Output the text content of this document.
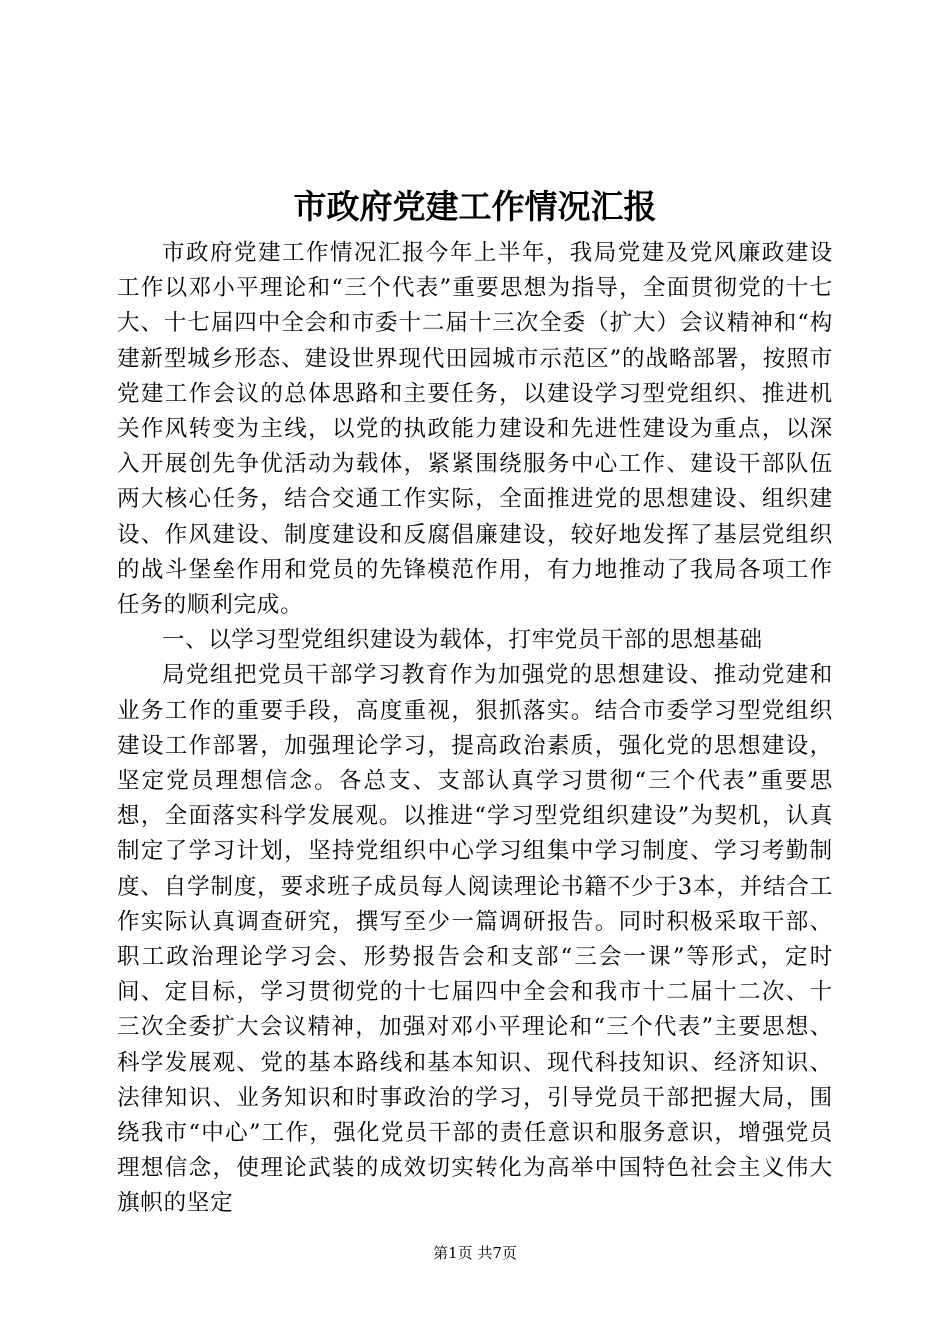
市政府党建工作情况汇报

市政府党建工作情况汇报今年上半年，我局党建及党风廉政建设工作以邓小平理论和“三个代表”重要思想为指导，全面贯彻党的十七大、十七届四中全会和市委十二届十三次全委（扩大）会议精神和“构建新型城乡形态、建设世界现代田园城市示范区”的战略部署，按照市党建工作会议的总体思路和主要任务，以建设学习型党组织、推进机关作风转变为主线，以党的执政能力建设和先进性建设为重点，以深入开展创先争优活动为载体，紧紧围绕服务中心工作、建设干部队伍两大核心任务，结合交通工作实际，全面推进党的思想建设、组织建设、作风建设、制度建设和反腐倡廉建设，较好地发挥了基层党组织的战斗堡垒作用和党员的先锋模范作用，有力地推动了我局各项工作任务的顺利完成。

一、以学习型党组织建设为载体，打牢党员干部的思想基础

局党组把党员干部学习教育作为加强党的思想建设、推动党建和业务工作的重要手段，高度重视，狠抓落实。结合市委学习型党组织建设工作部署，加强理论学习，提高政治素质，强化党的思想建设，坚定党员理想信念。各总支、支部认真学习贯彻“三个代表”重要思想，全面落实科学发展观。以推进“学习型党组织建设”为契机，认真制定了学习计划，坚持党组织中心学习组集中学习制度、学习考勤制度、自学制度，要求班子成员每人阅读理论书籍不少于3本，并结合工作实际认真调查研究，撰写至少一篇调研报告。同时积极采取干部、职工政治理论学习会、形势报告会和支部“三会一课”等形式，定时间、定目标，学习贯彻党的十七届四中全会和我市十二届十二次、十三次全委扩大会议精神，加强对邓小平理论和“三个代表”主要思想、科学发展观、党的基本路线和基本知识、现代科技知识、经济知识、法律知识、业务知识和时事政治的学习，引导党员干部把握大局，围绕我市“中心”工作，强化党员干部的责任意识和服务意识，增强党员理想信念，使理论武装的成效切实转化为高举中国特色社会主义伟大旗帜的坚定

第1页 共7页
